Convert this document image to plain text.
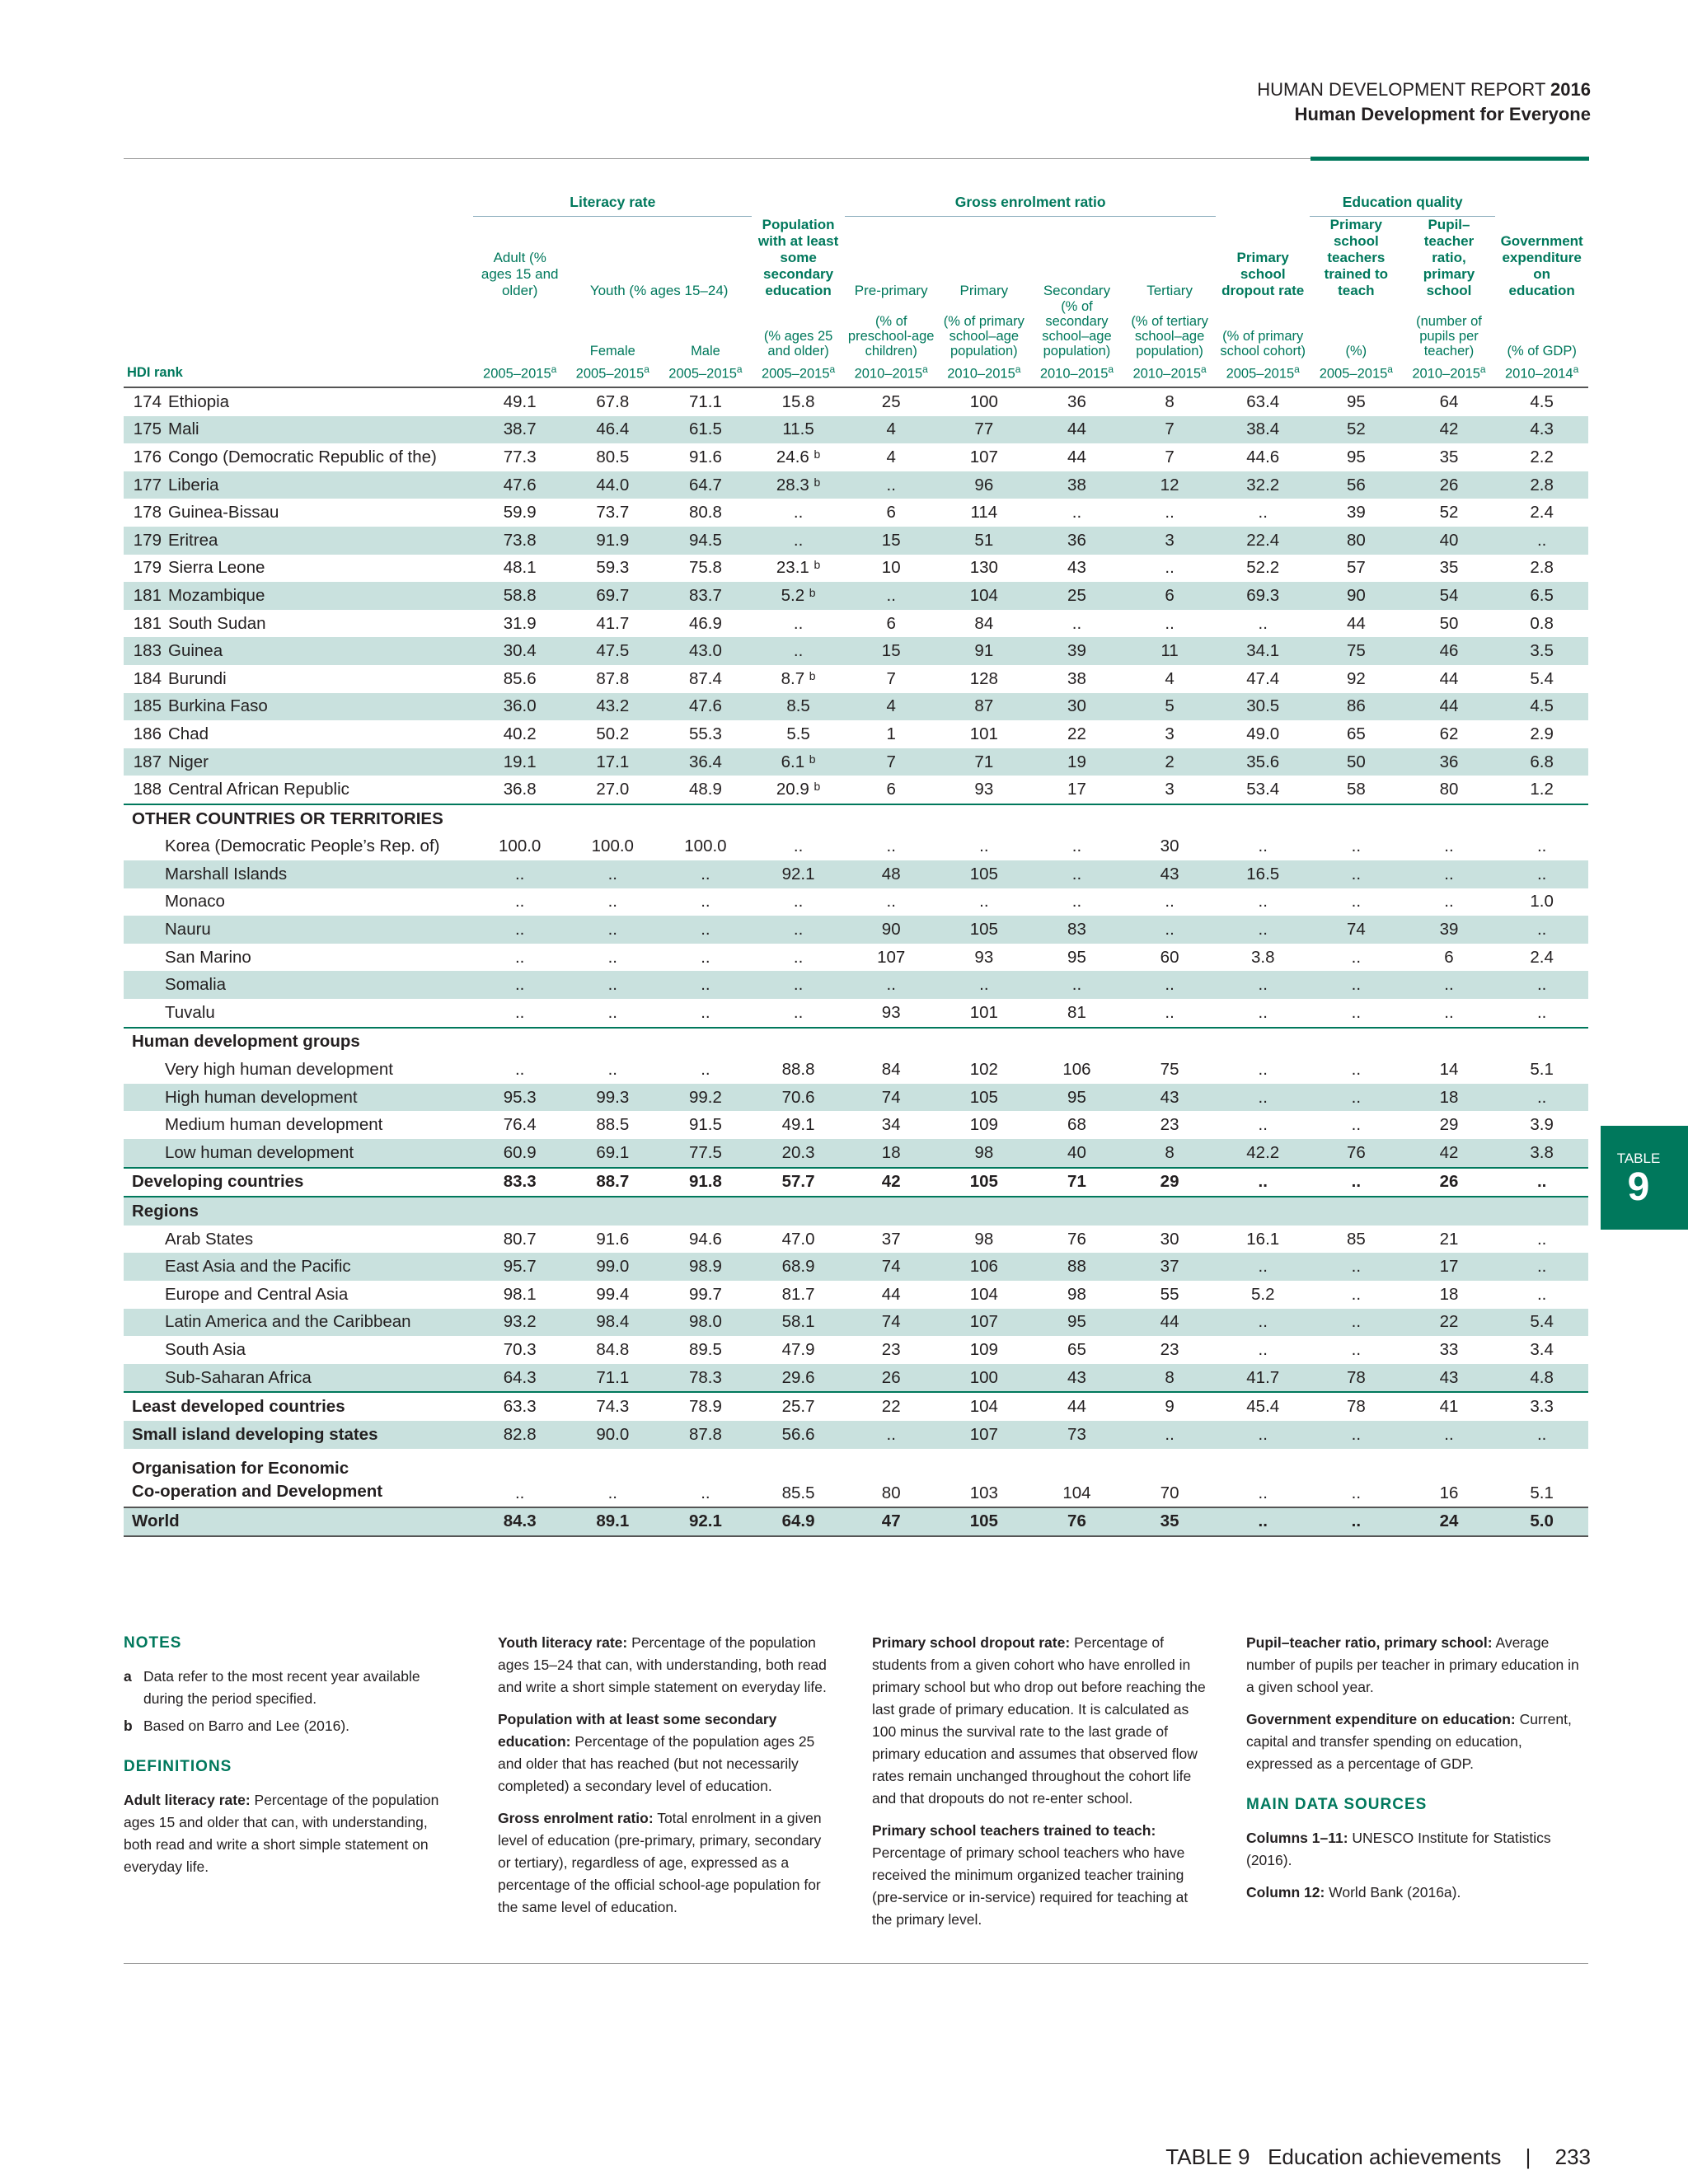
HUMAN DEVELOPMENT REPORT 2016
Human Development for Everyone
	Literacy rate				Gross enrolment ratio					Education quality		
	Adult (% ages 15 and older)	Youth (% ages 15–24)		Population with at least some secondary education	Pre-primary	Primary	Secondary	Tertiary	Primary school dropout rate	Primary school teachers trained to teach	Pupil–teacher ratio, primary school	Government expenditure on education
		Female	Male	(% ages 25 and older)	(% of preschool-age children)	(% of primary school–age population)	(% of secondary school–age population)	(% of tertiary school–age population)	(% of primary school cohort)	(%)	(number of pupils per teacher)	(% of GDP)
HDI rank	2005–2015$^a$	2005–2015$^a$	2005–2015$^a$	2005–2015$^a$	2010–2015$^a$	2010–2015$^a$	2010–2015$^a$	2010–2015$^a$	2005–2015$^a$	2005–2015$^a$	2010–2015$^a$	2010–2014$^a$
174 Ethiopia	49.1	67.8	71.1	15.8	25	100	36	8	63.4	95	64	4.5
175 Mali	38.7	46.4	61.5	11.5	4	77	44	7	38.4	52	42	4.3
176 Congo (Democratic Republic of the)	77.3	80.5	91.6	24.6 ᵇ	4	107	44	7	44.6	95	35	2.2
177 Liberia	47.6	44.0	64.7	28.3 ᵇ	..	96	38	12	32.2	56	26	2.8
178 Guinea-Bissau	59.9	73.7	80.8	..	6	114	..	..	..	39	52	2.4
179 Eritrea	73.8	91.9	94.5	..	15	51	36	3	22.4	80	40	..
179 Sierra Leone	48.1	59.3	75.8	23.1 ᵇ	10	130	43	..	52.2	57	35	2.8
181 Mozambique	58.8	69.7	83.7	5.2 ᵇ	..	104	25	6	69.3	90	54	6.5
181 South Sudan	31.9	41.7	46.9	..	6	84	..	..	..	44	50	0.8
183 Guinea	30.4	47.5	43.0	..	15	91	39	11	34.1	75	46	3.5
184 Burundi	85.6	87.8	87.4	8.7 ᵇ	7	128	38	4	47.4	92	44	5.4
185 Burkina Faso	36.0	43.2	47.6	8.5	4	87	30	5	30.5	86	44	4.5
186 Chad	40.2	50.2	55.3	5.5	1	101	22	3	49.0	65	62	2.9
187 Niger	19.1	17.1	36.4	6.1 ᵇ	7	71	19	2	35.6	50	36	6.8
188 Central African Republic	36.8	27.0	48.9	20.9 ᵇ	6	93	17	3	53.4	58	80	1.2
OTHER COUNTRIES OR TERRITORIES												
Korea (Democratic People’s Rep. of)	100.0	100.0	100.0	..	..	..	..	30	..	..	..	..
Marshall Islands	..	..	..	92.1	48	105	..	43	16.5	..	..	..
Monaco	..	..	..	..	..	..	..	..	..	..	..	1.0
Nauru	..	..	..	..	90	105	83	..	..	74	39	..
San Marino	..	..	..	..	107	93	95	60	3.8	..	6	2.4
Somalia	..	..	..	..	..	..	..	..	..	..	..	..
Tuvalu	..	..	..	..	93	101	81	..	..	..	..	..
Human development groups												
Very high human development	..	..	..	88.8	84	102	106	75	..	..	14	5.1
High human development	95.3	99.3	99.2	70.6	74	105	95	43	..	..	18	..
Medium human development	76.4	88.5	91.5	49.1	34	109	68	23	..	..	29	3.9
Low human development	60.9	69.1	77.5	20.3	18	98	40	8	42.2	76	42	3.8
Developing countries	83.3	88.7	91.8	57.7	42	105	71	29	..	..	26	..
Regions												
Arab States	80.7	91.6	94.6	47.0	37	98	76	30	16.1	85	21	..
East Asia and the Pacific	95.7	99.0	98.9	68.9	74	106	88	37	..	..	17	..
Europe and Central Asia	98.1	99.4	99.7	81.7	44	104	98	55	5.2	..	18	..
Latin America and the Caribbean	93.2	98.4	98.0	58.1	74	107	95	44	..	..	22	5.4
South Asia	70.3	84.8	89.5	47.9	23	109	65	23	..	..	33	3.4
Sub-Saharan Africa	64.3	71.1	78.3	29.6	26	100	43	8	41.7	78	43	4.8
Least developed countries	63.3	74.3	78.9	25.7	22	104	44	9	45.4	78	41	3.3
Small island developing states	82.8	90.0	87.8	56.6	..	107	73	..	..	..	..	..
Organisation for Economic
Co-operation and Development	..	..	..	85.5	80	103	104	70	..	..	16	5.1
World	84.3	89.1	92.1	64.9	47	105	76	35	..	..	24	5.0
TABLE
9
NOTES
a Data refer to the most recent year available during the period specified.
b Based on Barro and Lee (2016).
DEFINITIONS

Adult literacy rate: Percentage of the population ages 15 and older that can, with understanding, both read and write a short simple statement on everyday life.

Youth literacy rate: Percentage of the population ages 15–24 that can, with understanding, both read and write a short simple statement on everyday life.

Population with at least some secondary education: Percentage of the population ages 25 and older that has reached (but not necessarily completed) a secondary level of education.

Gross enrolment ratio: Total enrolment in a given level of education (pre-primary, primary, secondary or tertiary), regardless of age, expressed as a percentage of the official school-age population for the same level of education.

Primary school dropout rate: Percentage of students from a given cohort who have enrolled in primary school but who drop out before reaching the last grade of primary education. It is calculated as 100 minus the survival rate to the last grade of primary education and assumes that observed flow rates remain unchanged throughout the cohort life and that dropouts do not re-enter school.

Primary school teachers trained to teach: Percentage of primary school teachers who have received the minimum organized teacher training (pre-service or in-service) required for teaching at the primary level.

Pupil–teacher ratio, primary school: Average number of pupils per teacher in primary education in a given school year.

Government expenditure on education: Current, capital and transfer spending on education, expressed as a percentage of GDP.

MAIN DATA SOURCES

Columns 1–11: UNESCO Institute for Statistics (2016).

Column 12: World Bank (2016a).

TABLE 9 Education achievements | 233
